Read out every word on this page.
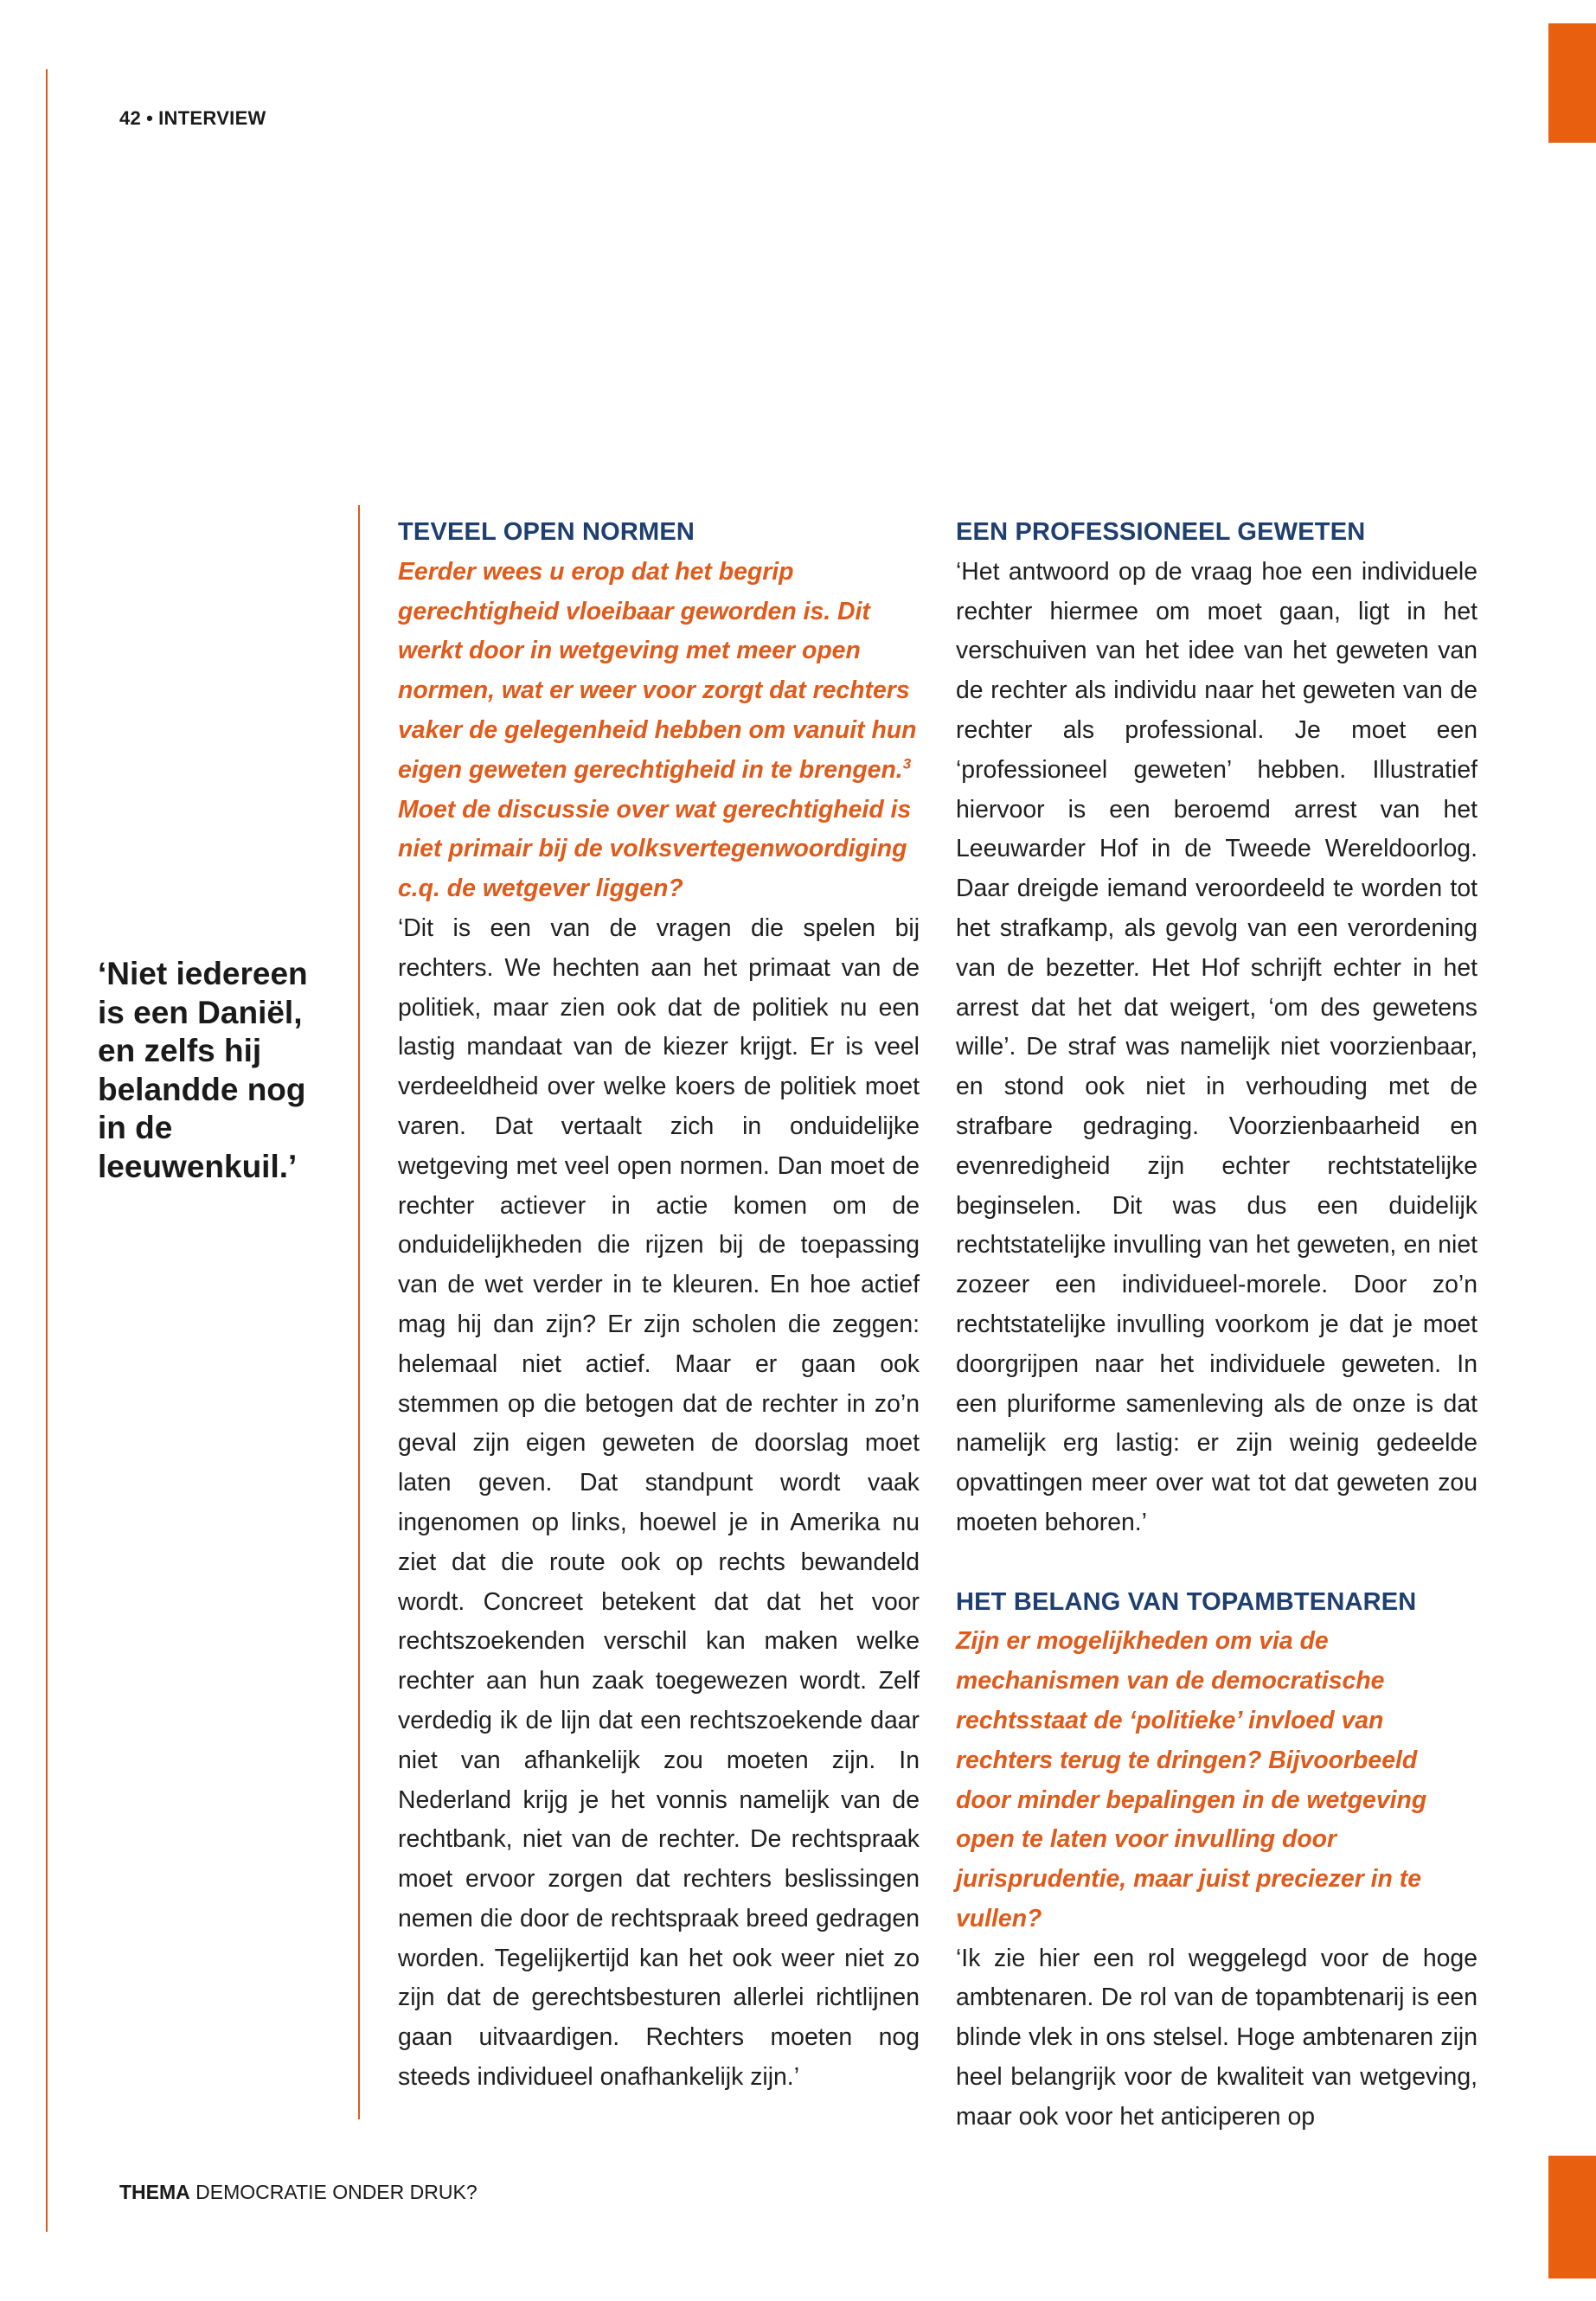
42 • INTERVIEW
‘Niet iedereen is een Daniël, en zelfs hij belandde nog in de leeuwenkuil.’
TEVEEL OPEN NORMEN

Eerder wees u erop dat het begrip gerechtigheid vloeibaar geworden is. Dit werkt door in wetgeving met meer open normen, wat er weer voor zorgt dat rechters vaker de gelegenheid hebben om vanuit hun eigen geweten gerechtigheid in te brengen.$^3$ Moet de discussie over wat gerechtigheid is niet primair bij de volksvertegenwoordiging c.q. de wetgever liggen?

‘Dit is een van de vragen die spelen bij rechters. We hechten aan het primaat van de politiek, maar zien ook dat de politiek nu een lastig mandaat van de kiezer krijgt. Er is veel verdeeldheid over welke koers de politiek moet varen. Dat vertaalt zich in onduidelijke wetgeving met veel open normen. Dan moet de rechter actiever in actie komen om de onduidelijkheden die rijzen bij de toepassing van de wet verder in te kleuren. En hoe actief mag hij dan zijn? Er zijn scholen die zeggen: helemaal niet actief. Maar er gaan ook stemmen op die betogen dat de rechter in zo’n geval zijn eigen geweten de doorslag moet laten geven. Dat standpunt wordt vaak ingenomen op links, hoewel je in Amerika nu ziet dat die route ook op rechts bewandeld wordt. Concreet betekent dat dat het voor rechtszoekenden verschil kan maken welke rechter aan hun zaak toegewezen wordt. Zelf verdedig ik de lijn dat een rechtszoekende daar niet van afhankelijk zou moeten zijn. In Nederland krijg je het vonnis namelijk van de rechtbank, niet van de rechter. De rechtspraak moet ervoor zorgen dat rechters beslissingen nemen die door de rechtspraak breed gedragen worden. Tegelijkertijd kan het ook weer niet zo zijn dat de gerechtsbesturen allerlei richtlijnen gaan uitvaardigen. Rechters moeten nog steeds individueel onafhankelijk zijn.’

EEN PROFESSIONEEL GEWETEN

‘Het antwoord op de vraag hoe een individuele rechter hiermee om moet gaan, ligt in het verschuiven van het idee van het geweten van de rechter als individu naar het geweten van de rechter als professional. Je moet een ‘professioneel geweten’ hebben. Illustratief hiervoor is een beroemd arrest van het Leeuwarder Hof in de Tweede Wereldoorlog. Daar dreigde iemand veroordeeld te worden tot het strafkamp, als gevolg van een verordening van de bezetter. Het Hof schrijft echter in het arrest dat het dat weigert, ‘om des gewetens wille’. De straf was namelijk niet voorzienbaar, en stond ook niet in verhouding met de strafbare gedraging. Voorzienbaarheid en evenredigheid zijn echter rechtstatelijke beginselen. Dit was dus een duidelijk rechtstatelijke invulling van het geweten, en niet zozeer een individueel-morele. Door zo’n rechtstatelijke invulling voorkom je dat je moet doorgrijpen naar het individuele geweten. In een pluriforme samenleving als de onze is dat namelijk erg lastig: er zijn weinig gedeelde opvattingen meer over wat tot dat geweten zou moeten behoren.’

HET BELANG VAN TOPAMBTENAREN

Zijn er mogelijkheden om via de mechanismen van de democratische rechtsstaat de ‘politieke’ invloed van rechters terug te dringen? Bijvoorbeeld door minder bepalingen in de wetgeving open te laten voor invulling door jurisprudentie, maar juist preciezer in te vullen?

‘Ik zie hier een rol weggelegd voor de hoge ambtenaren. De rol van de topambtenarij is een blinde vlek in ons stelsel. Hoge ambtenaren zijn heel belangrijk voor de kwaliteit van wetgeving, maar ook voor het anticiperen op

THEMA DEMOCRATIE ONDER DRUK?
